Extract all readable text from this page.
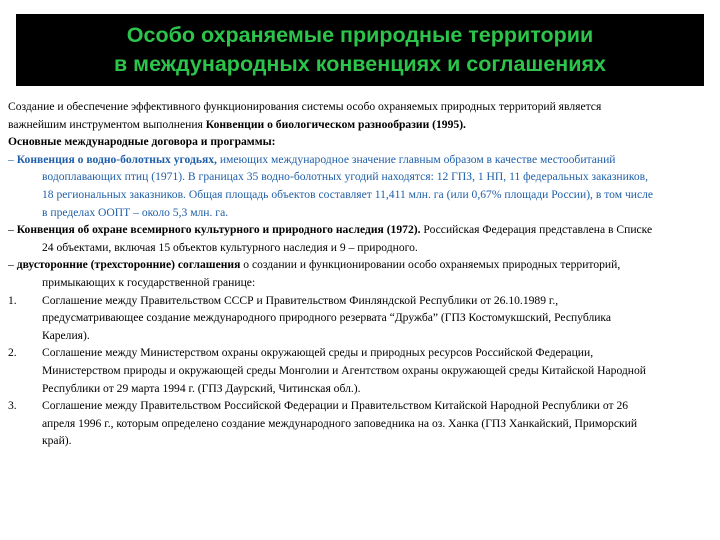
Особо охраняемые природные территории
в международных конвенциях и соглашениях

Создание и обеспечение эффективного функционирования системы особо охраняемых природных территорий является важнейшим инструментом выполнения Конвенции о биологическом разнообразии (1995).

Основные международные договора и программы:

– Конвенция о водно-болотных угодьях, имеющих международное значение главным образом в качестве местообитаний водоплавающих птиц (1971). В границах 35 водно-болотных угодий находятся: 12 ГПЗ, 1 НП, 11 федеральных заказников, 18 региональных заказников. Общая площадь объектов составляет 11,411 млн. га (или 0,67% площади России), в том числе в пределах ООПТ – около 5,3 млн. га.

– Конвенция об охране всемирного культурного и природного наследия (1972). Российская Федерация представлена в Списке 24 объектами, включая 15 объектов культурного наследия и 9 – природного.

– двусторонние (трехсторонние) соглашения о создании и функционировании особо охраняемых природных территорий, примыкающих к государственной границе:

1. Соглашение между Правительством СССР и Правительством Финляндской Республики от 26.10.1989 г., предусматривающее создание международного природного резервата “Дружба” (ГПЗ Костомукшский, Республика Карелия).

2. Соглашение между Министерством охраны окружающей среды и природных ресурсов Российской Федерации, Министерством природы и окружающей среды Монголии и Агентством охраны окружающей среды Китайской Народной Республики от 29 марта 1994 г. (ГПЗ Даурский, Читинская обл.).

3. Соглашение между Правительством Российской Федерации и Правительством Китайской Народной Республики от 26 апреля 1996 г., которым определено создание международного заповедника на оз. Ханка (ГПЗ Ханкайский, Приморский край).
